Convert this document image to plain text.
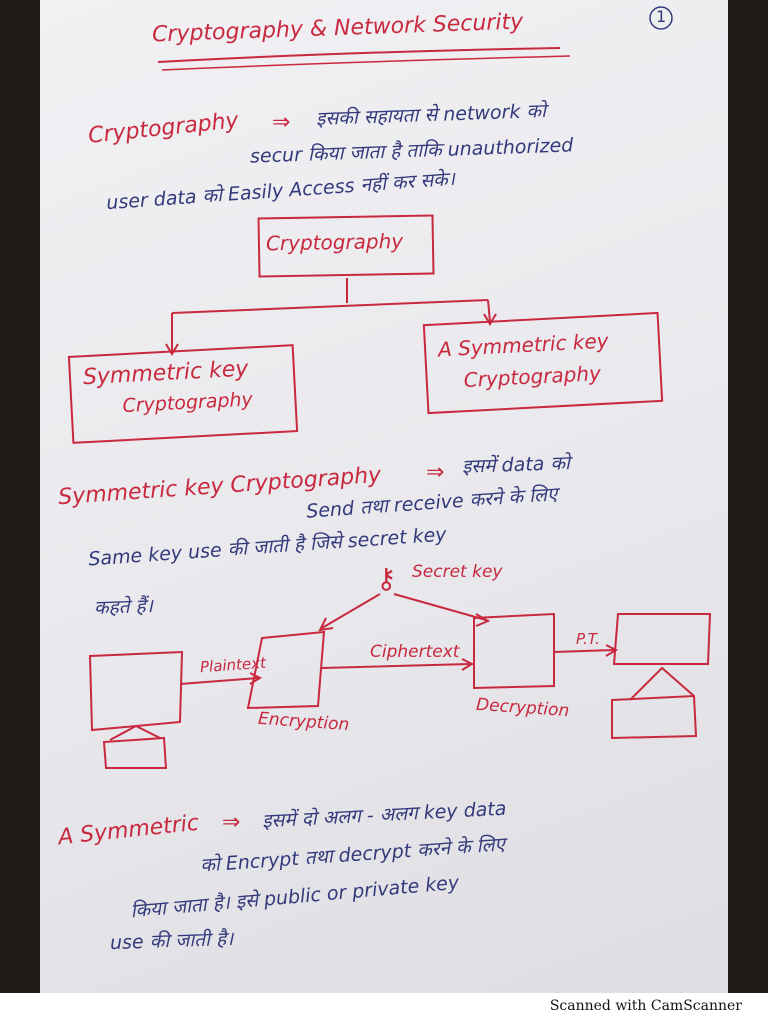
1
Cryptography & Network Security
Cryptography ⇒ इसकी सहायता से network को
secur किया जाता है ताकि unauthorized
user data को Easily Access नहीं कर सके।
Cryptography
Symmetric key
Cryptography
A Symmetric key
Cryptography
Symmetric key Cryptography ⇒ इसमें data को
Send तथा receive करने के लिए
Same key use की जाती है जिसे secret key
कहते हैं।
⚷ Secret key
Plaintext
Ciphertext
P.T.
Encryption
Decryption
A Symmetric ⇒ इसमें दो अलग - अलग key data
को Encrypt तथा decrypt करने के लिए
किया जाता है। इसे public or private key
use की जाती है।
Scanned with CamScanner
